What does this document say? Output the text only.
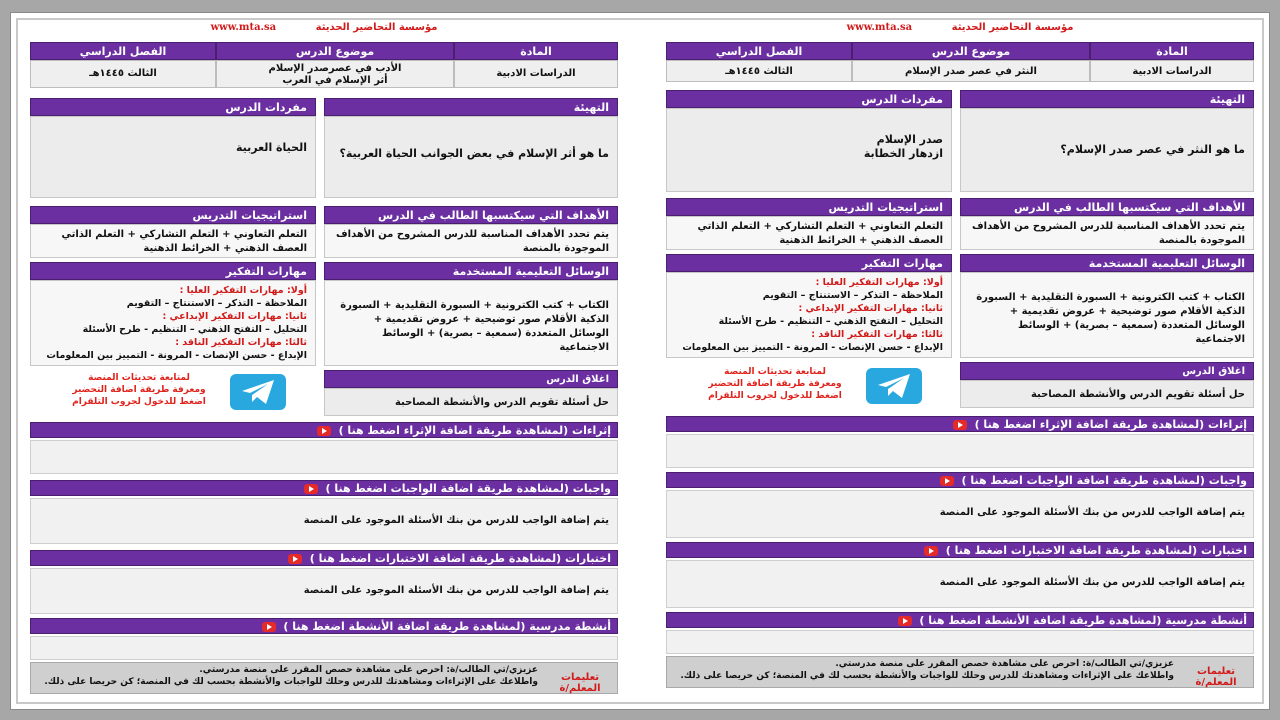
مؤسسة التحاضير الحديثة www.mta.sa
المادة
موضوع الدرس
الفصل الدراسي
الدراسات الادبية
الأدب في عصرصدر الإسلام
أثر الإسلام في العرب
الثالث ١٤٤٥هـ
التهيئة
ما هو أثر الإسلام في بعض الجوانب الحياة العربية؟
مفردات الدرس
الحياة العربية
الأهداف التي سيكتسبها الطالب في الدرس
يتم تحدد الأهداف المناسبة للدرس المشروح من الأهداف الموجودة بالمنصة
استراتيجيات التدريس
التعلم التعاوني + التعلم التشاركي + التعلم الذاتي
العصف الذهني + الخرائط الذهنية
الوسائل التعليمية المستخدمة
الكتاب + كتب الكترونية + السبورة التقليدية + السبورة الذكية الأقلام صور توضيحية + عروض تقديمية + الوسائل المتعددة (سمعية – بصرية) + الوسائط الاجتماعية
مهارات التفكير
أولا: مهارات التفكير العليا :
الملاحظة – التذكر – الاستنتاج – التقويم
ثانيا: مهارات التفكير الإبداعي :
التحليل – التفتح الذهني – التنظيم - طرح الأسئلة
ثالثا: مهارات التفكير الناقد :
الإبداع - حسن الإنصات - المرونة - التمييز بين المعلومات
اغلاق الدرس
حل أسئلة تقويم الدرس والأنشطة المصاحبة
لمتابعة تحديثات المنصة
ومعرفة طريقة اضافة التحضير
اضغط للدخول لجروب التلقرام
إثراءات (لمشاهدة طريقة اضافة الإثراء اضغط هنا )
واجبات (لمشاهدة طريقة اضافة الواجبات اضغط هنا )
يتم إضافة الواجب للدرس من بنك الأسئلة الموجود على المنصة
اختبارات (لمشاهدة طريقة اضافة الاختبارات اضغط هنا )
يتم إضافة الواجب للدرس من بنك الأسئلة الموجود على المنصة
أنشطة مدرسية (لمشاهدة طريقة اضافة الأنشطة اضغط هنا )
تعليمات المعلم/ة
عزيزي/تي الطالب/ة: احرص على مشاهدة حصص المقرر على منصة مدرستي.
واطلاعك على الإثراءات ومشاهدتك للدرس وحلك للواجبات والأنشطة بحسب لك في المنصة؛ كن حريصا على ذلك.
مؤسسة التحاضير الحديثة www.mta.sa
المادة
موضوع الدرس
الفصل الدراسي
الدراسات الادبية
النثر في عصر صدر الإسلام
الثالث ١٤٤٥هـ
التهيئة
ما هو النثر في عصر صدر الإسلام؟
مفردات الدرس
صدر الإسلام
ازدهار الخطابة
الأهداف التي سيكتسبها الطالب في الدرس
يتم تحدد الأهداف المناسبة للدرس المشروح من الأهداف الموجودة بالمنصة
استراتيجيات التدريس
التعلم التعاوني + التعلم التشاركي + التعلم الذاتي
العصف الذهني + الخرائط الذهنية
الوسائل التعليمية المستخدمة
الكتاب + كتب الكترونية + السبورة التقليدية + السبورة الذكية الأقلام صور توضيحية + عروض تقديمية + الوسائل المتعددة (سمعية – بصرية) + الوسائط الاجتماعية
مهارات التفكير
أولا: مهارات التفكير العليا :
الملاحظة – التذكر – الاستنتاج – التقويم
ثانيا: مهارات التفكير الإبداعي :
التحليل – التفتح الذهني – التنظيم - طرح الأسئلة
ثالثا: مهارات التفكير الناقد :
الإبداع - حسن الإنصات - المرونة - التمييز بين المعلومات
اغلاق الدرس
حل أسئلة تقويم الدرس والأنشطة المصاحبة
لمتابعة تحديثات المنصة
ومعرفة طريقة اضافة التحضير
اضغط للدخول لجروب التلقرام
إثراءات (لمشاهدة طريقة اضافة الإثراء اضغط هنا )
واجبات (لمشاهدة طريقة اضافة الواجبات اضغط هنا )
يتم إضافة الواجب للدرس من بنك الأسئلة الموجود على المنصة
اختبارات (لمشاهدة طريقة اضافة الاختبارات اضغط هنا )
يتم إضافة الواجب للدرس من بنك الأسئلة الموجود على المنصة
أنشطة مدرسية (لمشاهدة طريقة اضافة الأنشطة اضغط هنا )
تعليمات المعلم/ة
عزيزي/تي الطالب/ة: احرص على مشاهدة حصص المقرر على منصة مدرستي.
واطلاعك على الإثراءات ومشاهدتك للدرس وحلك للواجبات والأنشطة بحسب لك في المنصة؛ كن حريصا على ذلك.
